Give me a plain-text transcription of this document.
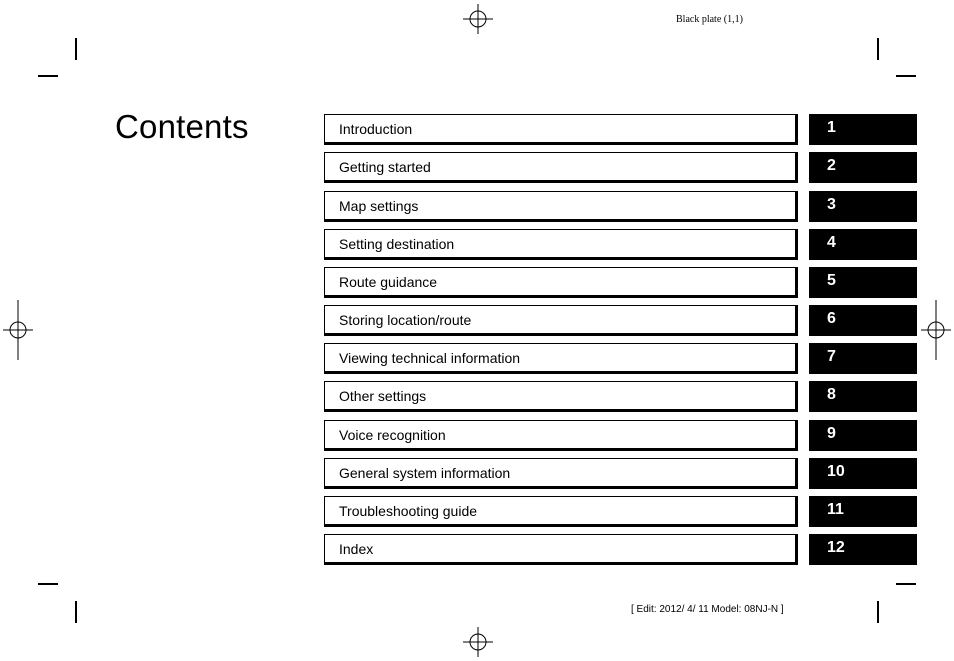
Black plate (1,1)
[ Edit: 2012/ 4/ 11 Model: 08NJ-N ]
Contents	Introduction	1
Getting started	2
Map settings	3
Setting destination	4
Route guidance	5
Storing location/route	6
Viewing technical information	7
Other settings	8
Voice recognition	9
General system information	10
Troubleshooting guide	11
Index	12
